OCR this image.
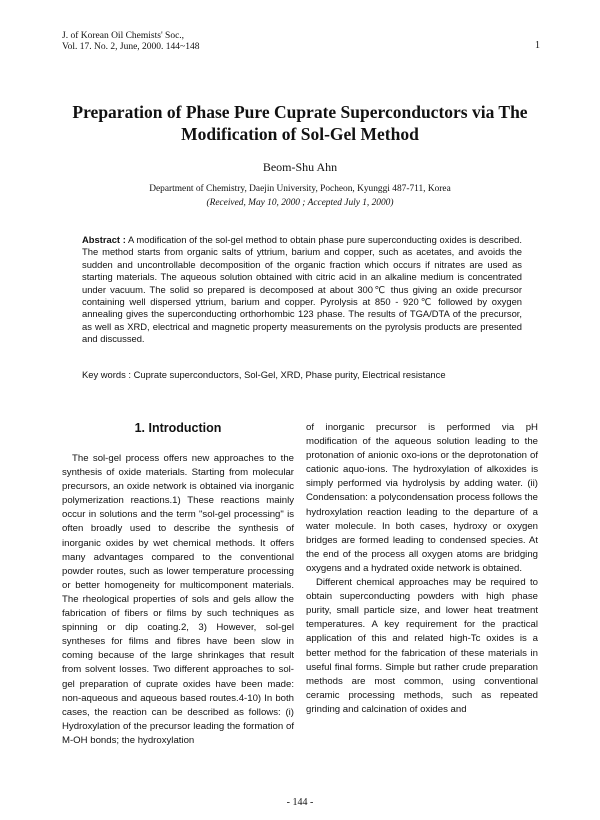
J. of Korean Oil Chemists' Soc.,
Vol. 17. No. 2, June, 2000. 144~148	1
Preparation of Phase Pure Cuprate Superconductors via The
Modification of Sol-Gel Method
Beom-Shu Ahn
Department of Chemistry, Daejin University, Pocheon, Kyunggi 487-711, Korea
(Received, May 10, 2000 ; Accepted July 1, 2000)
Abstract : A modification of the sol-gel method to obtain phase pure superconducting oxides is described. The method starts from organic salts of yttrium, barium and copper, such as acetates, and avoids the sudden and uncontrollable decomposition of the organic fraction which occurs if nitrates are used as starting materials. The aqueous solution obtained with citric acid in an alkaline medium is concentrated under vacuum. The solid so prepared is decomposed at about 300℃ thus giving an oxide precursor containing well dispersed yttrium, barium and copper. Pyrolysis at 850 - 920℃ followed by oxygen annealing gives the superconducting orthorhombic 123 phase. The results of TGA/DTA of the precursor, as well as XRD, electrical and magnetic property measurements on the pyrolysis products are presented and discussed.
Key words : Cuprate superconductors, Sol-Gel, XRD, Phase purity, Electrical resistance
1. Introduction

The sol-gel process offers new approaches to the synthesis of oxide materials. Starting from molecular precursors, an oxide network is obtained via inorganic polymerization reactions.1) These reactions mainly occur in solutions and the term "sol-gel processing" is often broadly used to describe the synthesis of inorganic oxides by wet chemical methods. It offers many advantages compared to the conventional powder routes, such as lower temperature processing or better homogeneity for multicomponent materials. The rheological properties of sols and gels allow the fabrication of fibers or films by such techniques as spinning or dip coating.2, 3) However, sol-gel syntheses for films and fibres have been slow in coming because of the large shrinkages that result from solvent losses. Two different approaches to sol-gel preparation of cuprate oxides have been made: non-aqueous and aqueous based routes.4-10) In both cases, the reaction can be described as follows: (i) Hydroxylation of the precursor leading the formation of M-OH bonds; the hydroxylation

of inorganic precursor is performed via pH modification of the aqueous solution leading to the protonation of anionic oxo-ions or the deprotonation of cationic aquo-ions. The hydroxylation of alkoxides is simply performed via hydrolysis by adding water. (ii) Condensation: a polycondensation process follows the hydroxylation reaction leading to the departure of a water molecule. In both cases, hydroxy or oxygen bridges are formed leading to condensed species. At the end of the process all oxygen atoms are bridging oxygens and a hydrated oxide network is obtained.

Different chemical approaches may be required to obtain superconducting powders with high phase purity, small particle size, and lower heat treatment temperatures. A key requirement for the practical application of this and related high-Tc oxides is a better method for the fabrication of these materials in useful final forms. Simple but rather crude preparation methods are most common, using conventional ceramic processing methods, such as repeated grinding and calcination of oxides and

- 144 -
